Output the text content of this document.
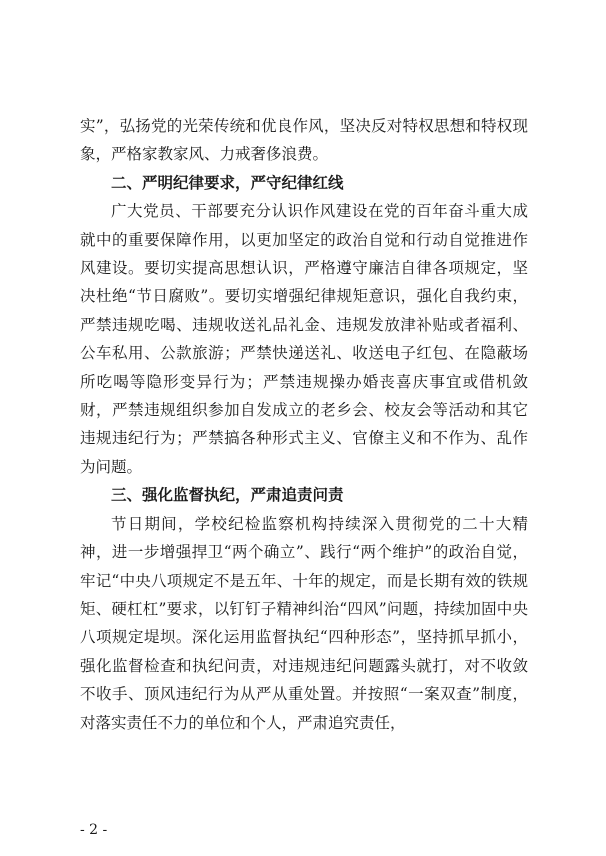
实”，弘扬党的光荣传统和优良作风，坚决反对特权思想和特权现象，严格家教家风、力戒奢侈浪费。

二、严明纪律要求，严守纪律红线

广大党员、干部要充分认识作风建设在党的百年奋斗重大成就中的重要保障作用，以更加坚定的政治自觉和行动自觉推进作风建设。要切实提高思想认识，严格遵守廉洁自律各项规定，坚决杜绝“节日腐败”。要切实增强纪律规矩意识，强化自我约束，严禁违规吃喝、违规收送礼品礼金、违规发放津补贴或者福利、公车私用、公款旅游；严禁快递送礼、收送电子红包、在隐蔽场所吃喝等隐形变异行为；严禁违规操办婚丧喜庆事宜或借机敛财，严禁违规组织参加自发成立的老乡会、校友会等活动和其它违规违纪行为；严禁搞各种形式主义、官僚主义和不作为、乱作为问题。

三、强化监督执纪，严肃追责问责

节日期间，学校纪检监察机构持续深入贯彻党的二十大精神，进一步增强捍卫“两个确立”、践行“两个维护”的政治自觉，牢记“中央八项规定不是五年、十年的规定，而是长期有效的铁规矩、硬杠杠”要求，以钉钉子精神纠治“四风”问题，持续加固中央八项规定堤坝。深化运用监督执纪“四种形态”，坚持抓早抓小，强化监督检查和执纪问责，对违规违纪问题露头就打，对不收敛不收手、顶风违纪行为从严从重处置。并按照“一案双查”制度，对落实责任不力的单位和个人，严肃追究责任，

- 2 -
